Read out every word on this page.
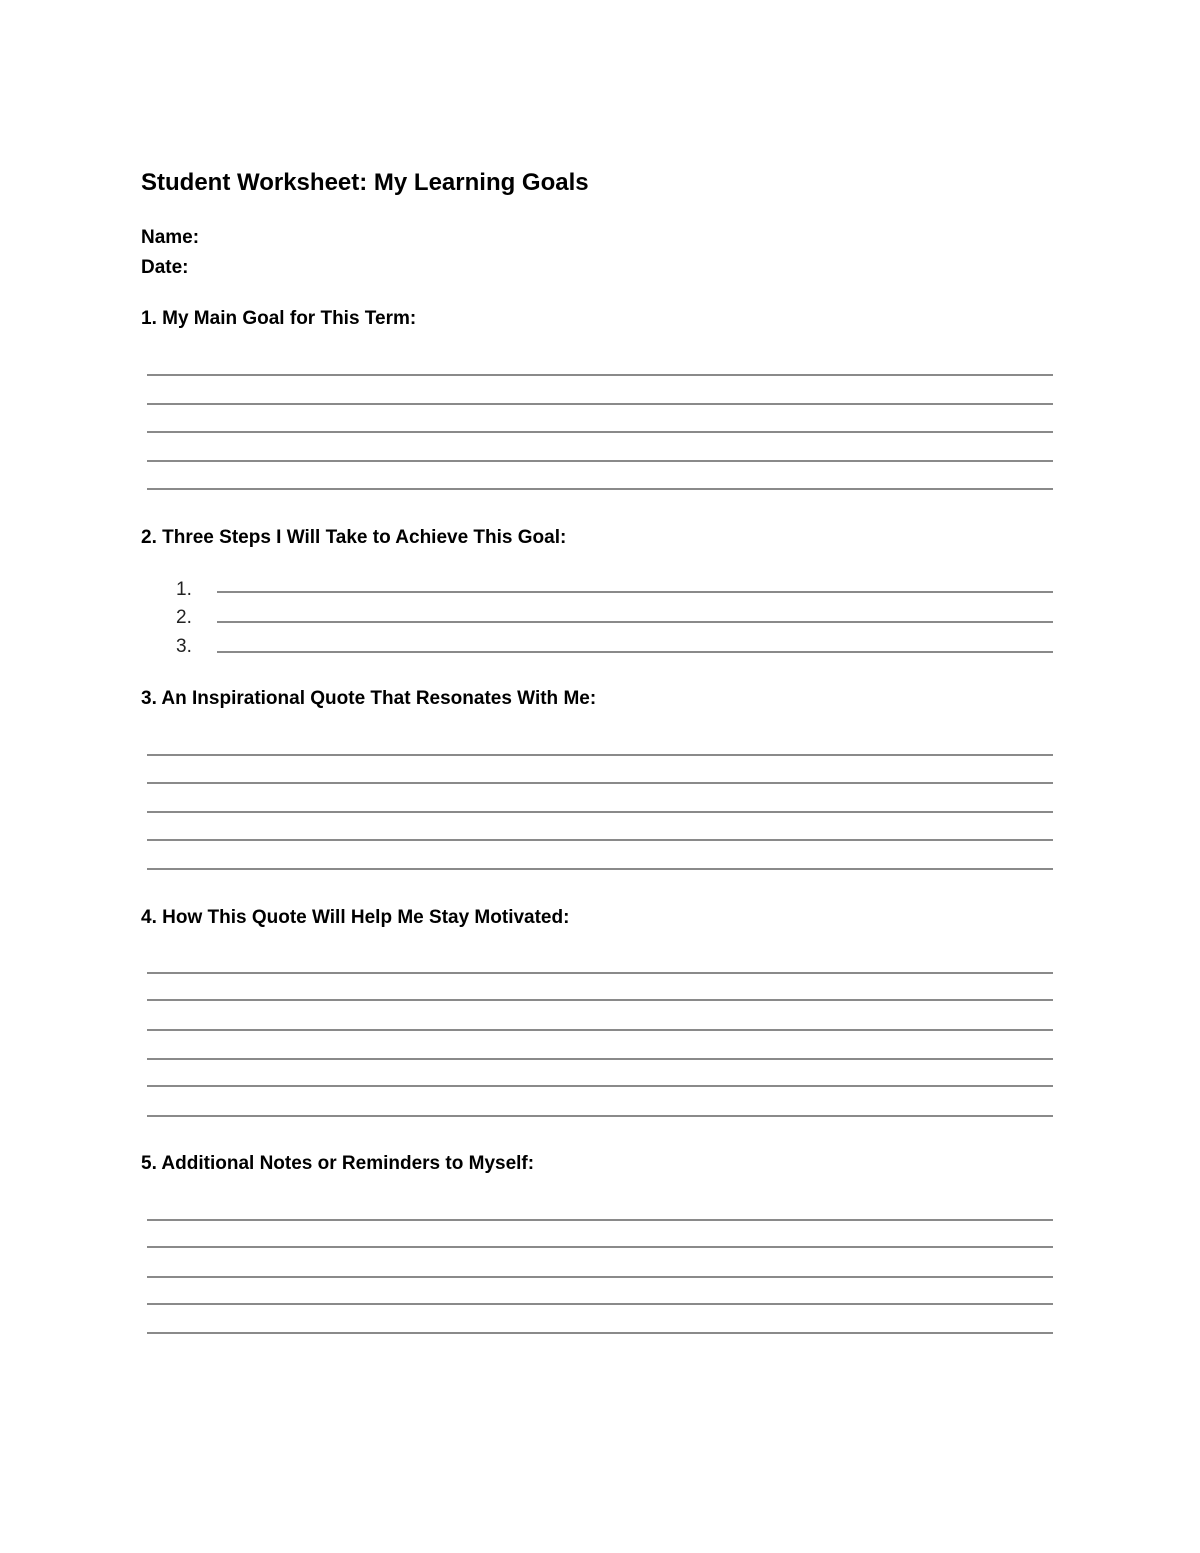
Student Worksheet: My Learning Goals
Name:
Date:
1. My Main Goal for This Term:
2. Three Steps I Will Take to Achieve This Goal:
1.
2.
3.
3. An Inspirational Quote That Resonates With Me:
4. How This Quote Will Help Me Stay Motivated:
5. Additional Notes or Reminders to Myself:
